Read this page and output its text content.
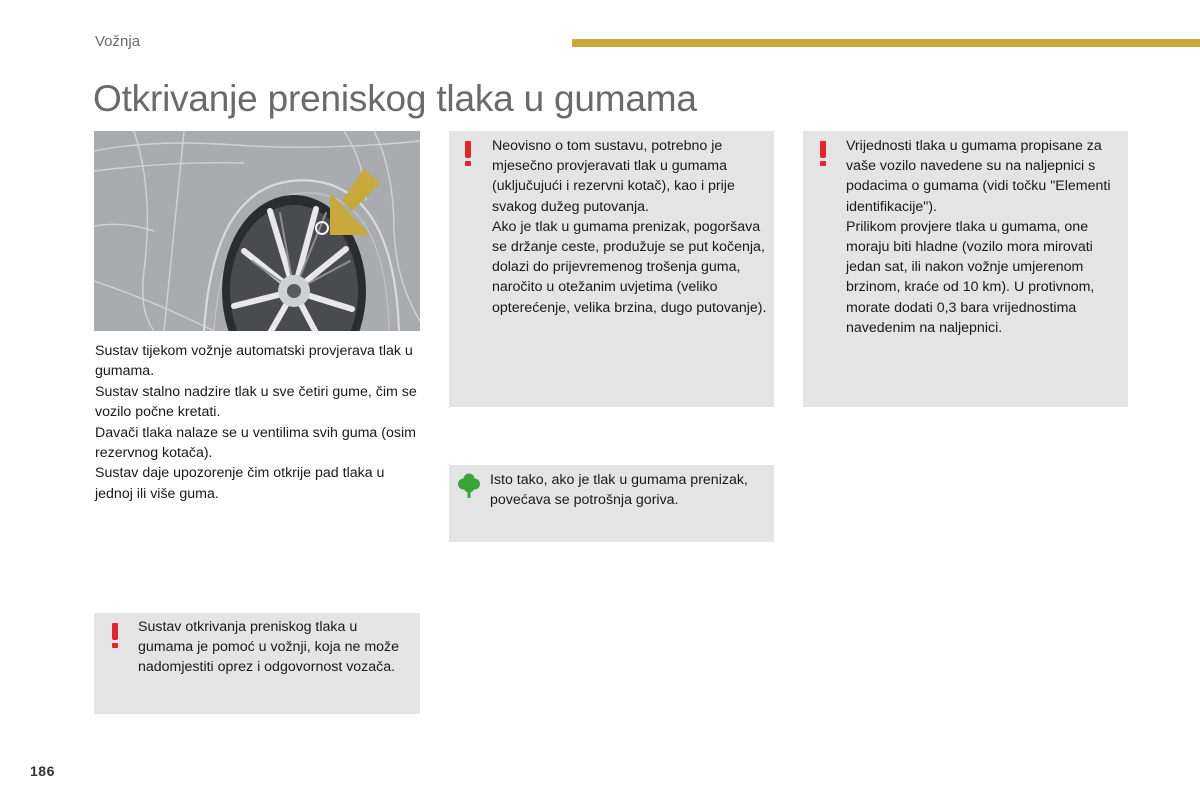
Vožnja
Otkrivanje preniskog tlaka u gumama

Sustav tijekom vožnje automatski provjerava tlak u gumama.

Sustav stalno nadzire tlak u sve četiri gume, čim se vozilo počne kretati.

Davači tlaka nalaze se u ventilima svih guma (osim rezervnog kotača).

Sustav daje upozorenje čim otkrije pad tlaka u jednoj ili više guma.

Neovisno o tom sustavu, potrebno je mjesečno provjeravati tlak u gumama (uključujući i rezervni kotač), kao i prije svakog dužeg putovanja.

Ako je tlak u gumama prenizak, pogoršava se držanje ceste, produžuje se put kočenja, dolazi do prijevremenog trošenja guma, naročito u otežanim uvjetima (veliko opterećenje, velika brzina, dugo putovanje).

Vrijednosti tlaka u gumama propisane za vaše vozilo navedene su na naljepnici s podacima o gumama (vidi točku "Elementi identifikacije").

Prilikom provjere tlaka u gumama, one moraju biti hladne (vozilo mora mirovati jedan sat, ili nakon vožnje umjerenom brzinom, kraće od 10 km). U protivnom, morate dodati 0,3 bara vrijednostima navedenim na naljepnici.

Isto tako, ako je tlak u gumama prenizak, povećava se potrošnja goriva.

Sustav otkrivanja preniskog tlaka u gumama je pomoć u vožnji, koja ne može nadomjestiti oprez i odgovornost vozača.

186
